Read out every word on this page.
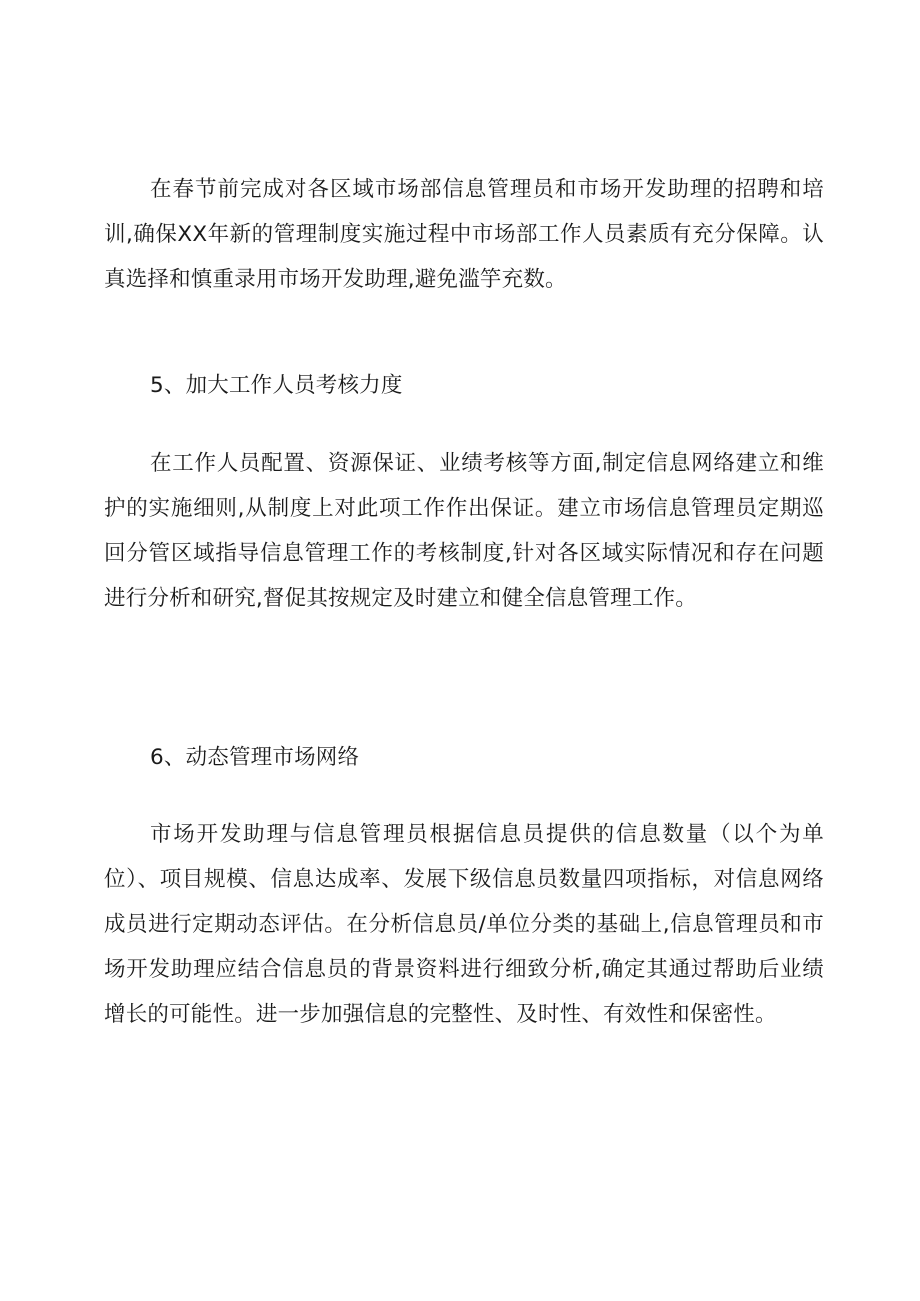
在春节前完成对各区域市场部信息管理员和市场开发助理的招聘和培训,确保XX年新的管理制度实施过程中市场部工作人员素质有充分保障。认真选择和慎重录用市场开发助理,避免滥竽充数。

5、加大工作人员考核力度

在工作人员配置、资源保证、业绩考核等方面,制定信息网络建立和维护的实施细则,从制度上对此项工作作出保证。建立市场信息管理员定期巡回分管区域指导信息管理工作的考核制度,针对各区域实际情况和存在问题进行分析和研究,督促其按规定及时建立和健全信息管理工作。

6、动态管理市场网络

市场开发助理与信息管理员根据信息员提供的信息数量（以个为单位）、项目规模、信息达成率、发展下级信息员数量四项指标，对信息网络成员进行定期动态评估。在分析信息员/单位分类的基础上,信息管理员和市场开发助理应结合信息员的背景资料进行细致分析,确定其通过帮助后业绩增长的可能性。进一步加强信息的完整性、及时性、有效性和保密性。
